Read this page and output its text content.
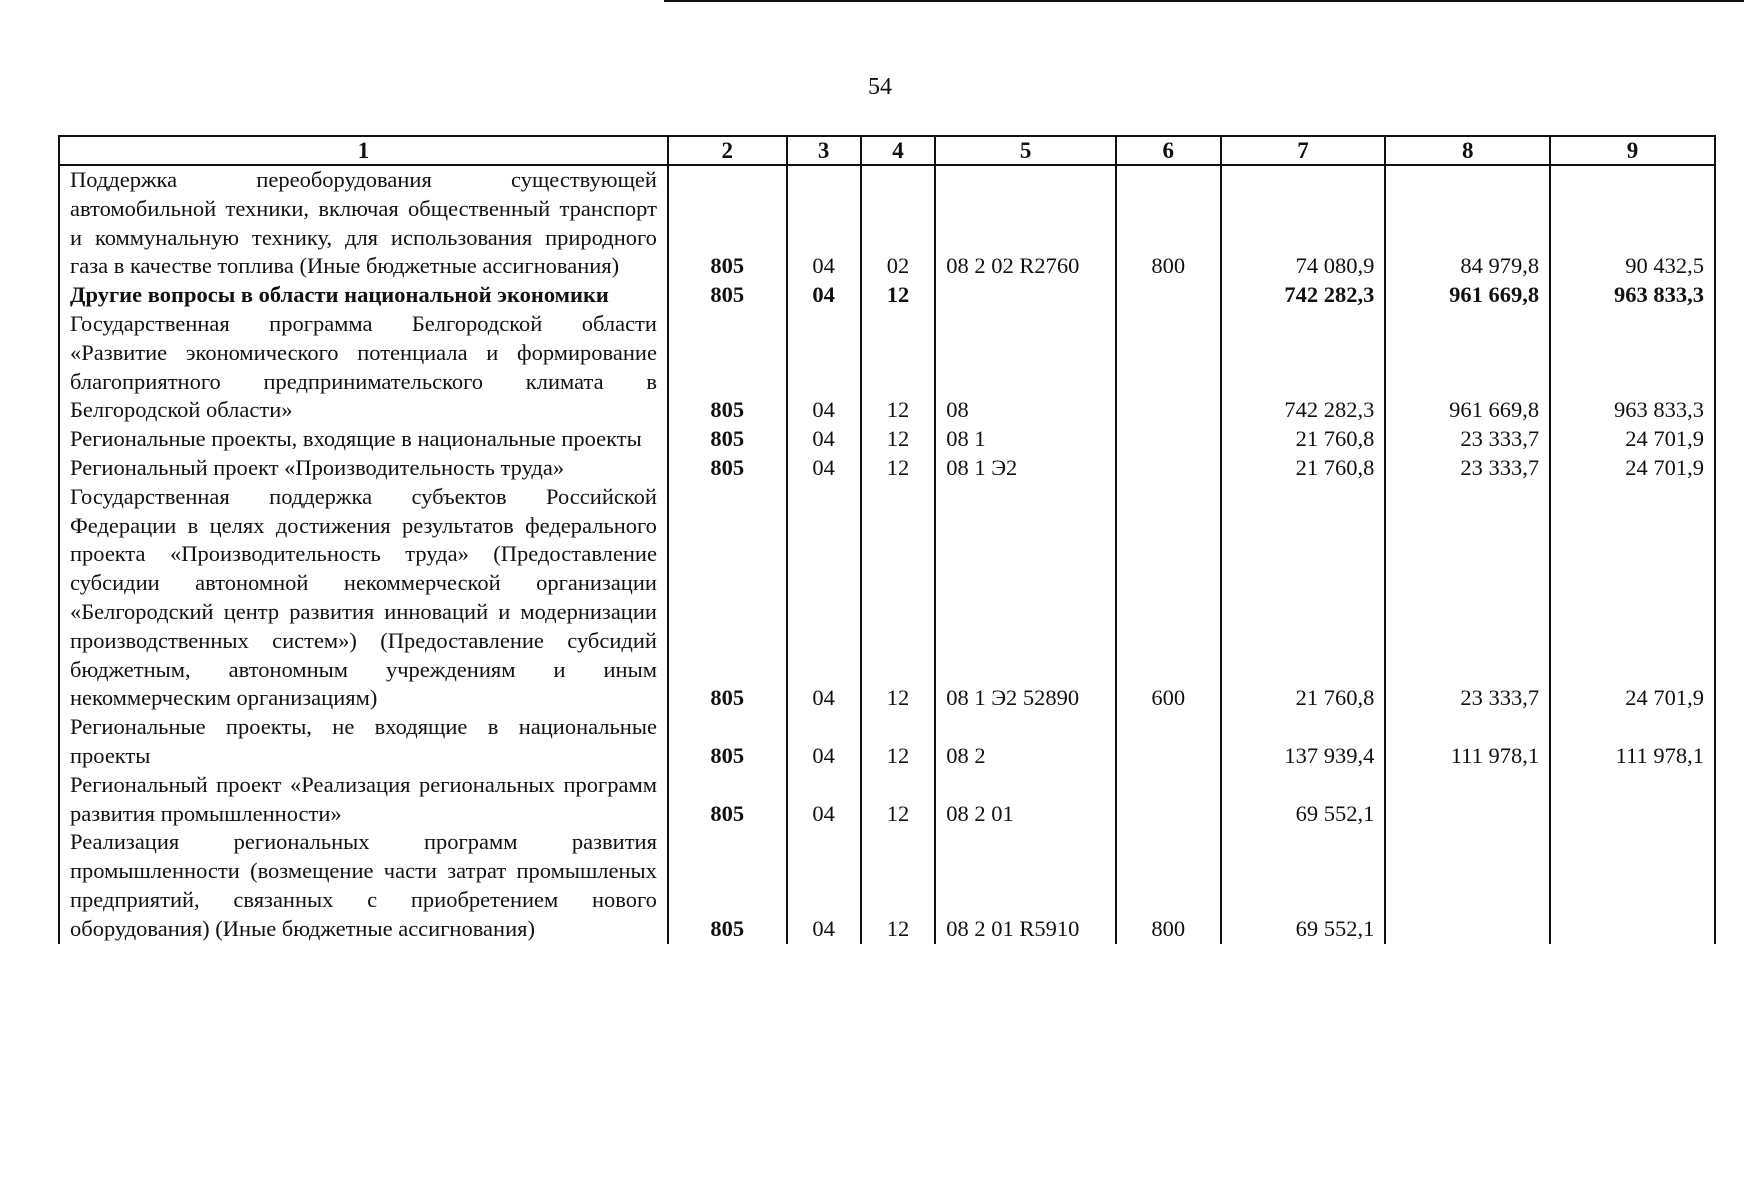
54
1	2	3	4	5	6	7	8	9
Поддержка переоборудования существующей автомобильной техники, включая общественный транспорт и коммунальную технику, для использования природного газа в качестве топлива (Иные бюджетные ассигнования)	805	04	02	08 2 02 R2760	800	74 080,9	84 979,8	90 432,5
Другие вопросы в области национальной экономики	805	04	12			742 282,3	961 669,8	963 833,3
Государственная программа Белгородской области «Развитие экономического потенциала и формирование благоприятного предпринимательского климата в Белгородской области»	805	04	12	08		742 282,3	961 669,8	963 833,3
Региональные проекты, входящие в национальные проекты	805	04	12	08 1		21 760,8	23 333,7	24 701,9
Региональный проект «Производительность труда»	805	04	12	08 1 Э2		21 760,8	23 333,7	24 701,9
Государственная поддержка субъектов Российской Федерации в целях достижения результатов федерального проекта «Производительность труда» (Предоставление субсидии автономной некоммерческой организации «Белгородский центр развития инноваций и модернизации производственных систем») (Предоставление субсидий бюджетным, автономным учреждениям и иным некоммерческим организациям)	805	04	12	08 1 Э2 52890	600	21 760,8	23 333,7	24 701,9
Региональные проекты, не входящие в национальные проекты	805	04	12	08 2		137 939,4	111 978,1	111 978,1
Региональный проект «Реализация региональных программ развития промышленности»	805	04	12	08 2 01		69 552,1		
Реализация региональных программ развития промышленности (возмещение части затрат промышленых предприятий, связанных с приобретением нового оборудования) (Иные бюджетные ассигнования)	805	04	12	08 2 01 R5910	800	69 552,1		
